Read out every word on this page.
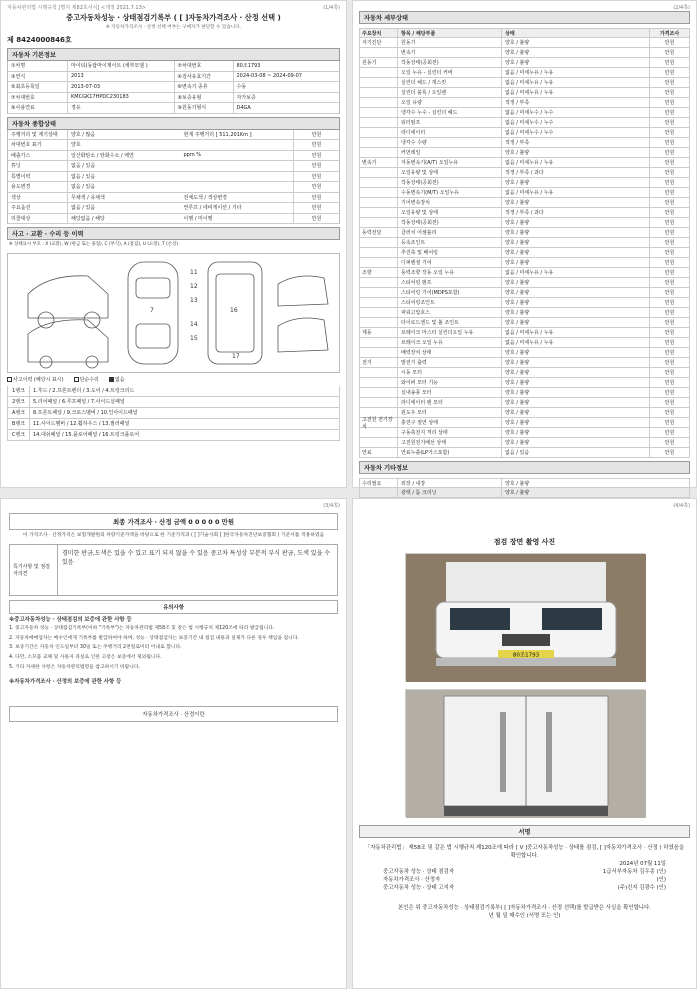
자동차관리법 시행규칙 [별지 제82호서식] <개정 2021.7.13>	(1/4쪽)
중고자동차성능 · 상태점검기록부 ( [ ]자동차가격조사 · 산정 선택 )
※ 자동차가격조사 · 산정 선택 여부는 구매자가 판단할 수 있습니다.
제 8424000846호
자동차 기본정보
①차명	마이티(동탑마이제이트 (세부모델 )	⑦차대번호	80조1793
③연식	2013	④검사유효기간	2024-03-08 ~ 2024-09-07
⑤최초등록일	2013-07-03	⑥변속기 종류	수동
⑦차대번호	KMCGK17HPDC230183	⑧보증유형	자가보증
⑨사용연료	경유	⑩원동기형식	D4GA
자동차 종합상태
주행거리 및 계기상태	양호 / 많음	현재 주행거리 [ 511,201Km ]	만원
차대번호 표기	양호	만원
배출가스	일산화탄소 / 탄화수소 / 매연	ppm %	만원
튜닝	없음 / 있음	만원
특별이력	없음 / 있음	만원
용도변경	없음 / 있음	만원
색상	무채색 / 유채색	전체도색 / 색상변경	만원
주요옵션	없음 / 있음	썬루프 / 네비게이션 / 기타	만원
리콜대상	해당없음 / 해당	이행 / 미이행	만원
사고 · 교환 · 수리 등 이력
※ 상태표시 부호 : X (교환), W (판금 또는 용접), C (부식), A (흠집), U (요철), T (손상)
7	16
11
12
13
14
15
17
사고이력 (해당시 표시)	단순수리	없음
1랭크	1.후드 / 2.프론트펜더 / 3.도어 / 4.트렁크리드
2랭크	5.리어패널 / 6.루프패널 / 7.사이드실패널
A랭크	8.프론트패널 / 9.크로스멤버 / 10.인사이드패널
B랭크	11.사이드멤버 / 12.휠하우스 / 13.필러패널
C랭크	14.대쉬패널 / 15.플로어패널 / 16.트렁크플로어
(2/4쪽)
자동차 세부상태
주요장치	항목 / 해당부품	상태	가격조사
자기진단	원동기	양호 / 불량	만원
변속기	양호 / 불량	만원
원동기	작동상태(공회전)	양호 / 불량	만원
오일 누유 - 실린더 커버	없음 / 미세누유 / 누유	만원
실린더 헤드 / 개스킷	없음 / 미세누유 / 누유	만원
실린더 블록 / 오일팬	없음 / 미세누유 / 누유	만원
오일 유량	적정 / 부족	만원
냉각수 누수 - 실린더 헤드	없음 / 미세누수 / 누수	만원
워터펌프	없음 / 미세누수 / 누수	만원
라디에이터	없음 / 미세누수 / 누수	만원
냉각수 수량	적정 / 부족	만원
커먼레일	양호 / 불량	만원
변속기	자동변속기(A/T) 오일누유	없음 / 미세누유 / 누유	만원
오일유량 및 상태	적정 / 부족 / 과다	만원
작동상태(공회전)	양호 / 불량	만원
수동변속기(M/T) 오일누유	없음 / 미세누유 / 누유	만원
기어변속장치	양호 / 불량	만원
오일유량 및 상태	적정 / 부족 / 과다	만원
작동상태(공회전)	양호 / 불량	만원
동력전달	클러치 어셈블리	양호 / 불량	만원
등속조인트	양호 / 불량	만원
추진축 및 베어링	양호 / 불량	만원
디퍼렌셜 기어	양호 / 불량	만원
조향	동력조향 작동 오일 누유	없음 / 미세누유 / 누유	만원
스티어링 펌프	양호 / 불량	만원
스티어링 기어(MDPS포함)	양호 / 불량	만원
스티어링조인트	양호 / 불량	만원
파워고압호스	양호 / 불량	만원
타이로드엔드 및 볼 조인트	양호 / 불량	만원
제동	브레이크 마스터 실린더오일 누유	없음 / 미세누유 / 누유	만원
브레이크 오일 누유	없음 / 미세누유 / 누유	만원
배력장치 상태	양호 / 불량	만원
전기	발전기 출력	양호 / 불량	만원
시동 모터	양호 / 불량	만원
와이퍼 모터 기능	양호 / 불량	만원
실내송풍 모터	양호 / 불량	만원
라디에이터 팬 모터	양호 / 불량	만원
윈도우 모터	양호 / 불량	만원
고전원 전기장치
충전구 절연 상태	양호 / 불량	만원
구동축전지 격리 상태	양호 / 불량	만원
고전원전기배선 상태	양호 / 불량	만원
연료	연료누출(LP가스포함)	없음 / 있음	만원
자동차 기타정보
수리필요	외장 / 내장	양호 / 불량
광택 / 룸 크리닝	양호 / 불량
(3/4쪽)
최종 가격조사 · 산정 금액 0 0 0 0 0 만원
이 가격조사 · 산정가격은 보험개발원의 차량기준가액을 바탕으로 한 기준가격과 ( [ ]기술사회 [ ]한국자동차진단보증협회 ) 기준서를 적용하였음
특기사항 및 점검자의견
경미한 판금,도색은 있을 수 있고 표기 되지 않을 수 있음 중고차 특성상 부분적 부식 판금, 도색 있을 수 있음
유의사항
※중고자동차성능 · 상태점검의 보증에 관한 사항 등
1. 중고자동차 성능 · 상태점검기록부(이하 "기록부")는 자동차관리법 제58조 및 같은 법 시행규칙 제120조에 따라 발급됩니다.
2. 자동차매매업자는 매수인에게 기록부를 발급하여야 하며, 성능 · 상태점검자는 보증기간 내 점검 내용과 실제가 다른 경우 책임을 집니다.
3. 보증기간은 자동차 인도일부터 30일 또는 주행거리 2천킬로미터 이내로 합니다.
4. 다만, 소모품 교체 및 사용자 과실로 인한 고장은 보증에서 제외됩니다.
5. 기타 자세한 사항은 자동차관리법령을 참고하시기 바랍니다.
※자동차가격조사 · 산정의 보증에 관한 사항 등
자동차가격조사 · 산정이란
(4/4쪽)
점검 장면 촬영 사진
80조1793
서명
「자동차관리법」 제58조 및 같은 법 시행규칙 제120조에 따라 [ V ]중고자동차성능 · 상태를 점검, [ ]자동차가격조사 · 산정 ) 하였음을 확인합니다.
2024년 07월 11일
중고자동차 성능 · 상태 점검자	1급서부자동차 김우종 (인)
자동차가격조사 · 산정자	(인)
중고자동차 성능 · 상태 고지자	(주)진지 김광수 (인)
본인은 위 중고자동차성능 · 상태점검기록부( [ ]자동차가격조사 · 산정 선택)를 발급받은 사실을 확인합니다.
년 월 일 매수인 (서명 또는 인)
